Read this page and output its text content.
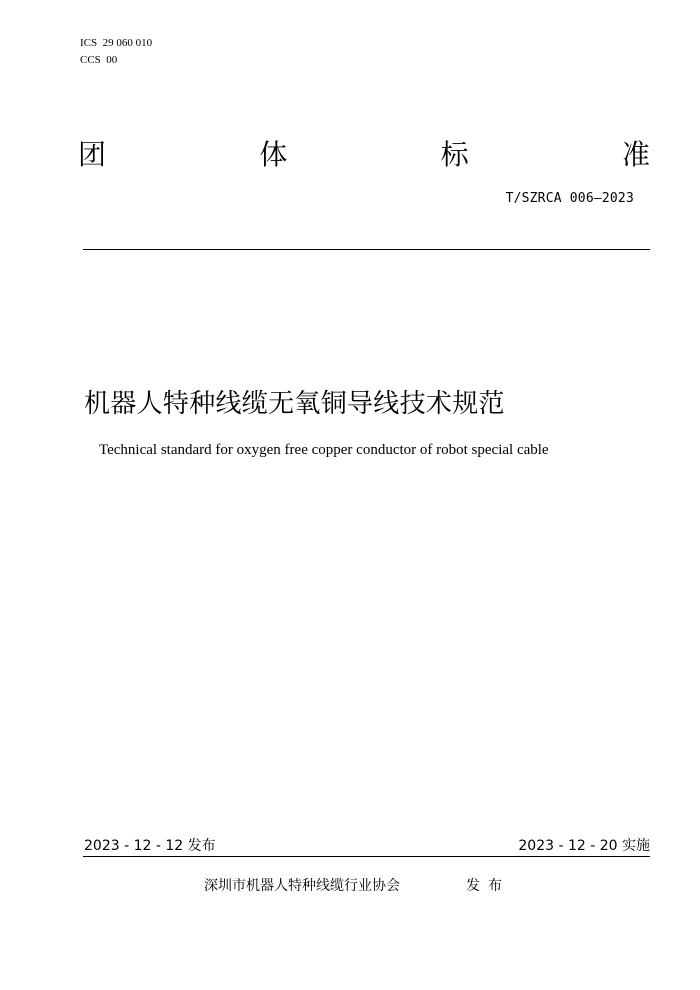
ICS  29 060 010
CCS  00
团	体	标	准
T/SZRCA 006—2023
机器人特种线缆无氧铜导线技术规范
Technical standard for oxygen free copper conductor of robot special cable
2023 - 12 - 12 发布	2023 - 12 - 20 实施
深圳市机器人特种线缆行业协会	发布
